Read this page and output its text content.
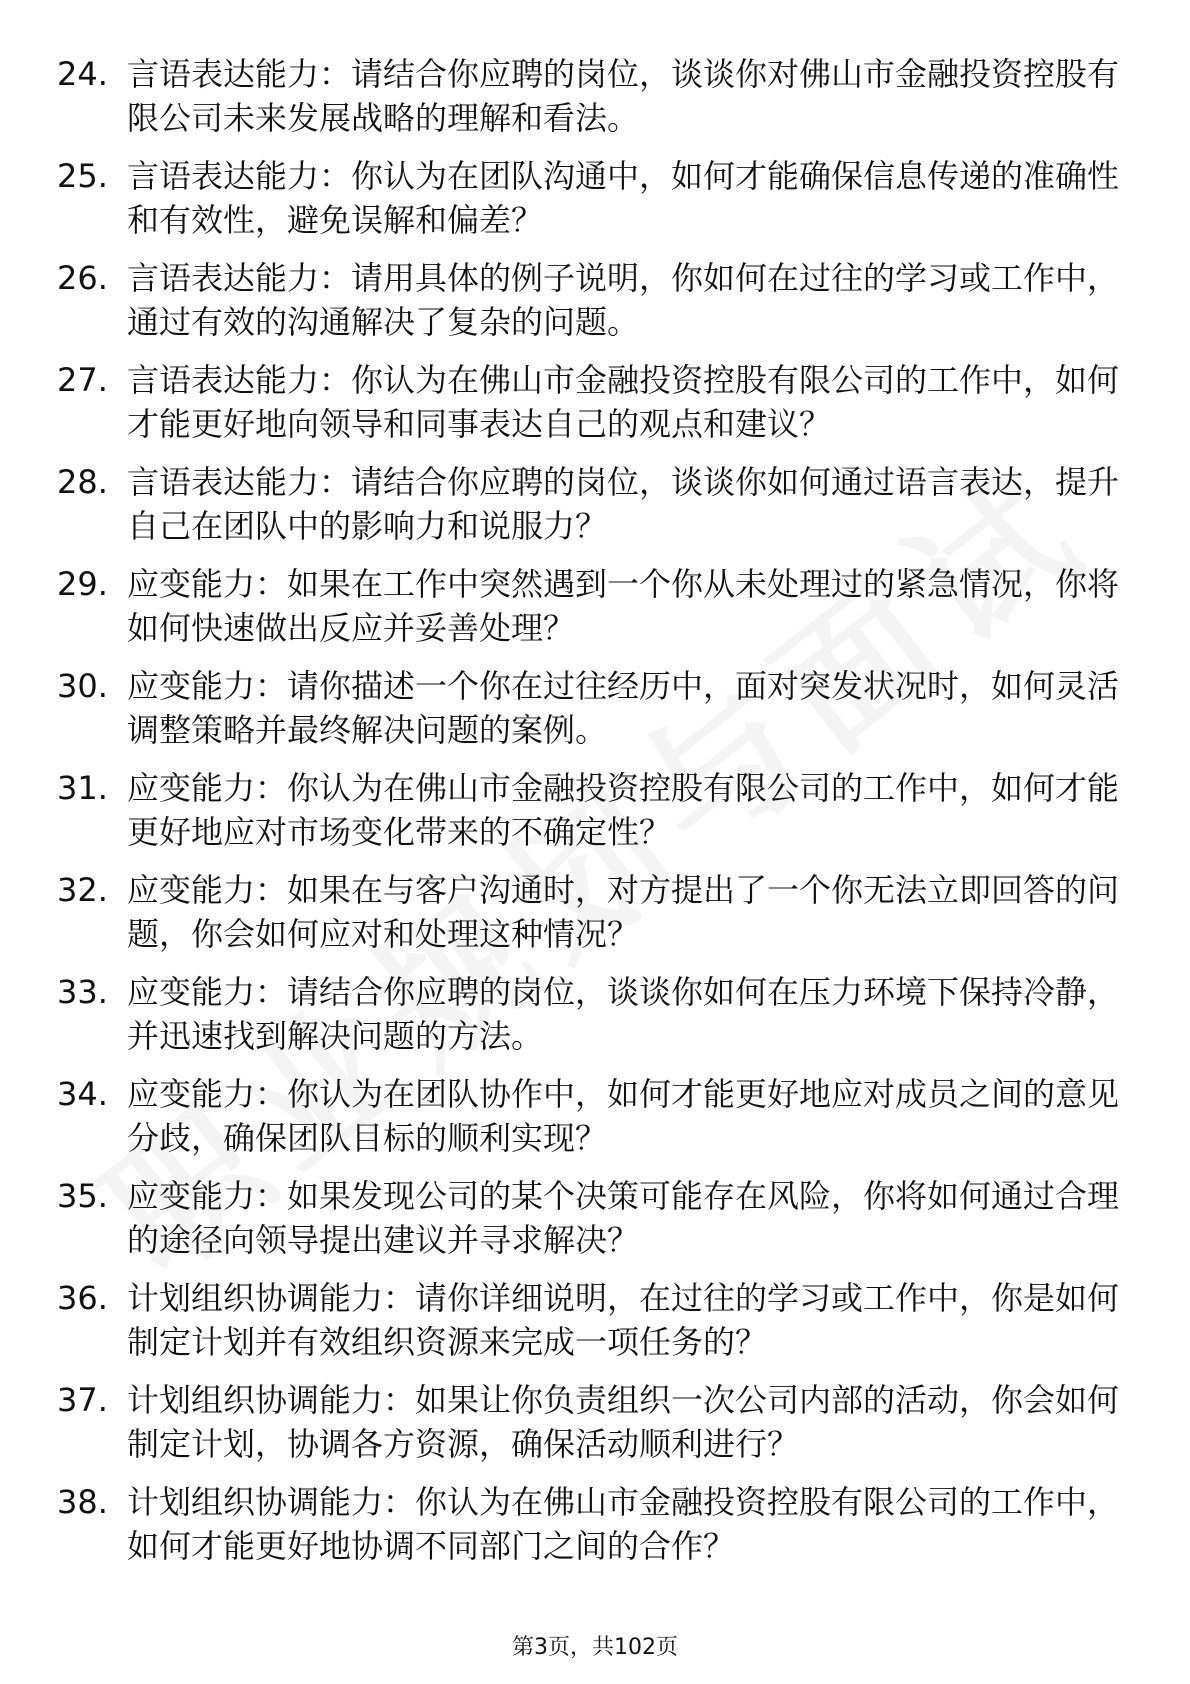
24. 言语表达能力：请结合你应聘的岗位，谈谈你对佛山市金融投资控股有限公司未来发展战略的理解和看法。
25. 言语表达能力：你认为在团队沟通中，如何才能确保信息传递的准确性和有效性，避免误解和偏差？
26. 言语表达能力：请用具体的例子说明，你如何在过往的学习或工作中，通过有效的沟通解决了复杂的问题。
27. 言语表达能力：你认为在佛山市金融投资控股有限公司的工作中，如何才能更好地向领导和同事表达自己的观点和建议？
28. 言语表达能力：请结合你应聘的岗位，谈谈你如何通过语言表达，提升自己在团队中的影响力和说服力？
29. 应变能力：如果在工作中突然遇到一个你从未处理过的紧急情况，你将如何快速做出反应并妥善处理？
30. 应变能力：请你描述一个你在过往经历中，面对突发状况时，如何灵活调整策略并最终解决问题的案例。
31. 应变能力：你认为在佛山市金融投资控股有限公司的工作中，如何才能更好地应对市场变化带来的不确定性？
32. 应变能力：如果在与客户沟通时，对方提出了一个你无法立即回答的问题，你会如何应对和处理这种情况？
33. 应变能力：请结合你应聘的岗位，谈谈你如何在压力环境下保持冷静，并迅速找到解决问题的方法。
34. 应变能力：你认为在团队协作中，如何才能更好地应对成员之间的意见分歧，确保团队目标的顺利实现？
35. 应变能力：如果发现公司的某个决策可能存在风险，你将如何通过合理的途径向领导提出建议并寻求解决？
36. 计划组织协调能力：请你详细说明，在过往的学习或工作中，你是如何制定计划并有效组织资源来完成一项任务的？
37. 计划组织协调能力：如果让你负责组织一次公司内部的活动，你会如何制定计划，协调各方资源，确保活动顺利进行？
38. 计划组织协调能力：你认为在佛山市金融投资控股有限公司的工作中，如何才能更好地协调不同部门之间的合作？
第3页，共102页
